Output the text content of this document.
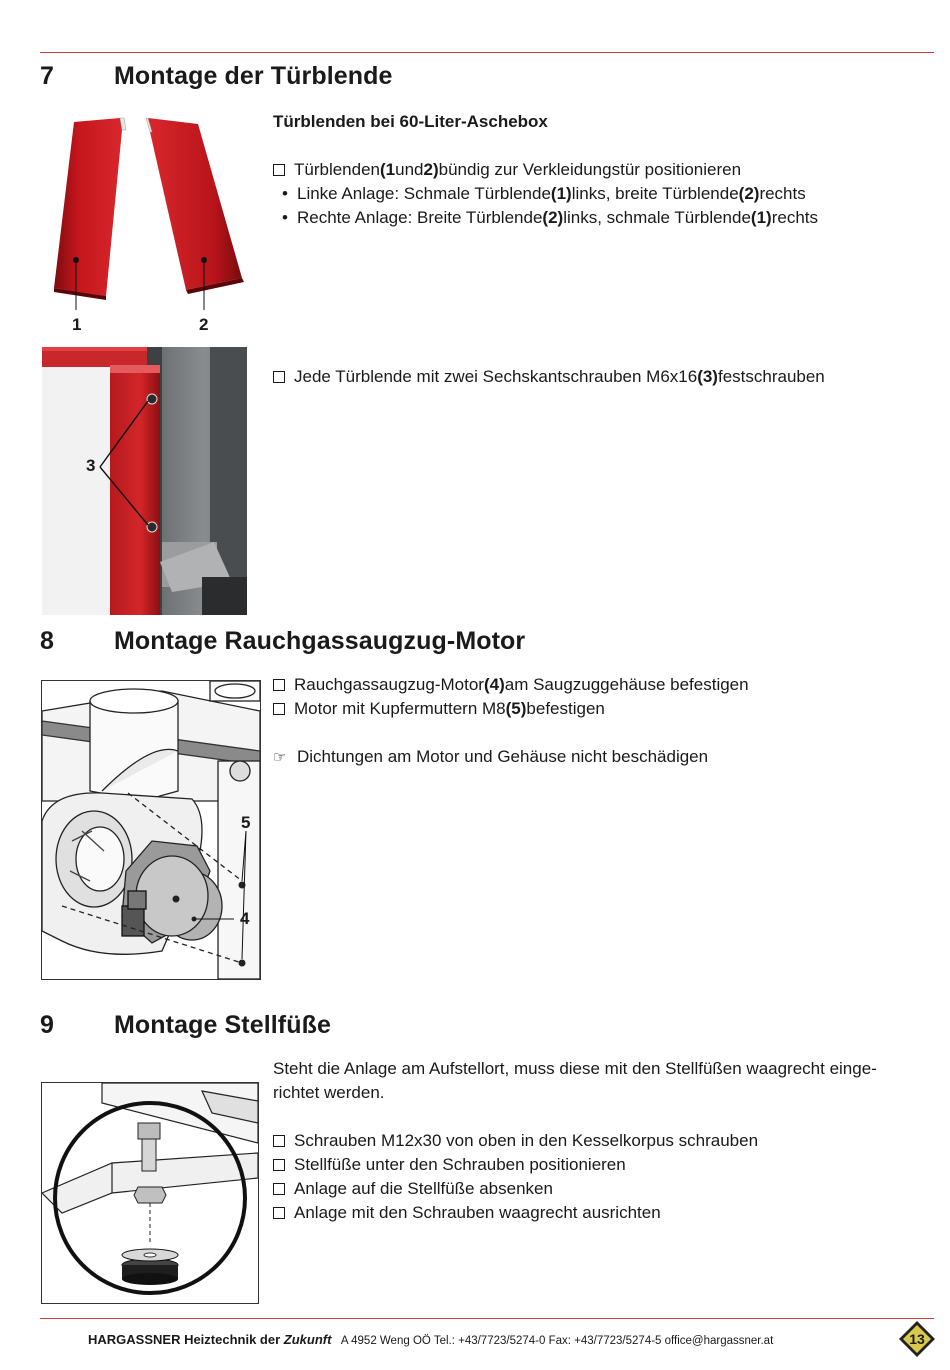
7 Montage der Türblende
1	2
Türblenden bei 60-Liter-Aschebox
Türblenden (1 und 2) bündig zur Verkleidungstür positionieren
• Linke Anlage: Schmale Türblende (1) links, breite Türblende (2) rechts
• Rechte Anlage: Breite Türblende (2) links, schmale Türblende (1) rechts
3
Jede Türblende mit zwei Sechskantschrauben M6x16 (3) festschrauben
8 Montage Rauchgassaugzug-Motor
5
4
Rauchgassaugzug-Motor (4) am Saugzuggehäuse befestigen
Motor mit Kupfermuttern M8 (5) befestigen
☞ Dichtungen am Motor und Gehäuse nicht beschädigen
9 Montage Stellfüße
Steht die Anlage am Aufstellort, muss diese mit den Stellfüßen waagrecht einge-
richtet werden.
Schrauben M12x30 von oben in den Kesselkorpus schrauben
Stellfüße unter den Schrauben positionieren
Anlage auf die Stellfüße absenken
Anlage mit den Schrauben waagrecht ausrichten
HARGASSNER Heiztechnik der Zukunft A 4952 Weng OÖ Tel.: +43/7723/5274-0 Fax: +43/7723/5274-5 office@hargassner.at	13
